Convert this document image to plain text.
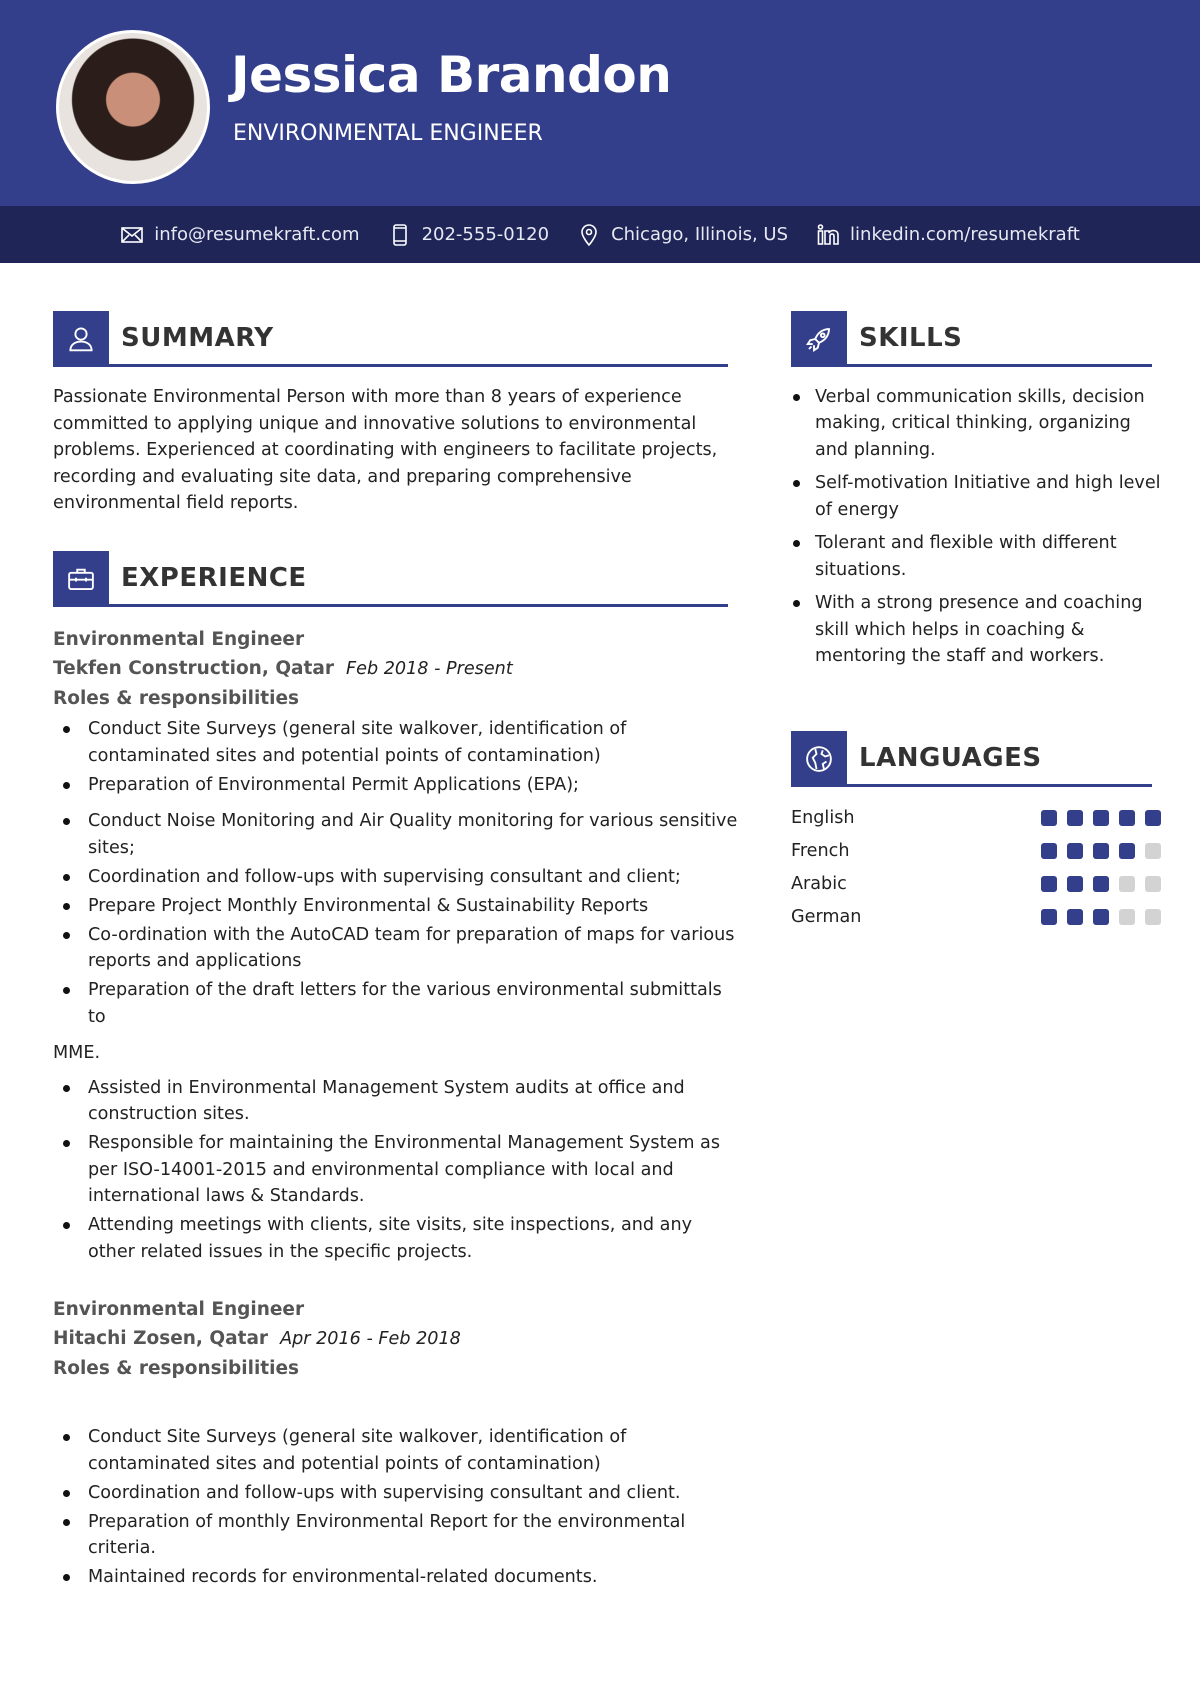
Jessica Brandon
ENVIRONMENTAL ENGINEER
info@resumekraft.com	202-555-0120	Chicago, Illinois, US	linkedin.com/resumekraft
SUMMARY
Passionate Environmental Person with more than 8 years of experience committed to applying unique and innovative solutions to environmental problems. Experienced at coordinating with engineers to facilitate projects, recording and evaluating site data, and preparing comprehensive environmental field reports.
EXPERIENCE
Environmental Engineer
Tekfen Construction, Qatar Feb 2018 - Present
Roles & responsibilities
Conduct Site Surveys (general site walkover, identification of contaminated sites and potential points of contamination)
Preparation of Environmental Permit Applications (EPA);
Conduct Noise Monitoring and Air Quality monitoring for various sensitive sites;
Coordination and follow-ups with supervising consultant and client;
Prepare Project Monthly Environmental & Sustainability Reports
Co-ordination with the AutoCAD team for preparation of maps for various reports and applications
Preparation of the draft letters for the various environmental submittals to
MME.
Assisted in Environmental Management System audits at office and construction sites.
Responsible for maintaining the Environmental Management System as per ISO-14001-2015 and environmental compliance with local and international laws & Standards.
Attending meetings with clients, site visits, site inspections, and any other related issues in the specific projects.
Environmental Engineer
Hitachi Zosen, Qatar Apr 2016 - Feb 2018
Roles & responsibilities
Conduct Site Surveys (general site walkover, identification of contaminated sites and potential points of contamination)
Coordination and follow-ups with supervising consultant and client.
Preparation of monthly Environmental Report for the environmental criteria.
Maintained records for environmental-related documents.
SKILLS
Verbal communication skills, decision making, critical thinking, organizing and planning.
Self-motivation Initiative and high level of energy
Tolerant and flexible with different situations.
With a strong presence and coaching skill which helps in coaching & mentoring the staff and workers.
LANGUAGES
English
French
Arabic
German
